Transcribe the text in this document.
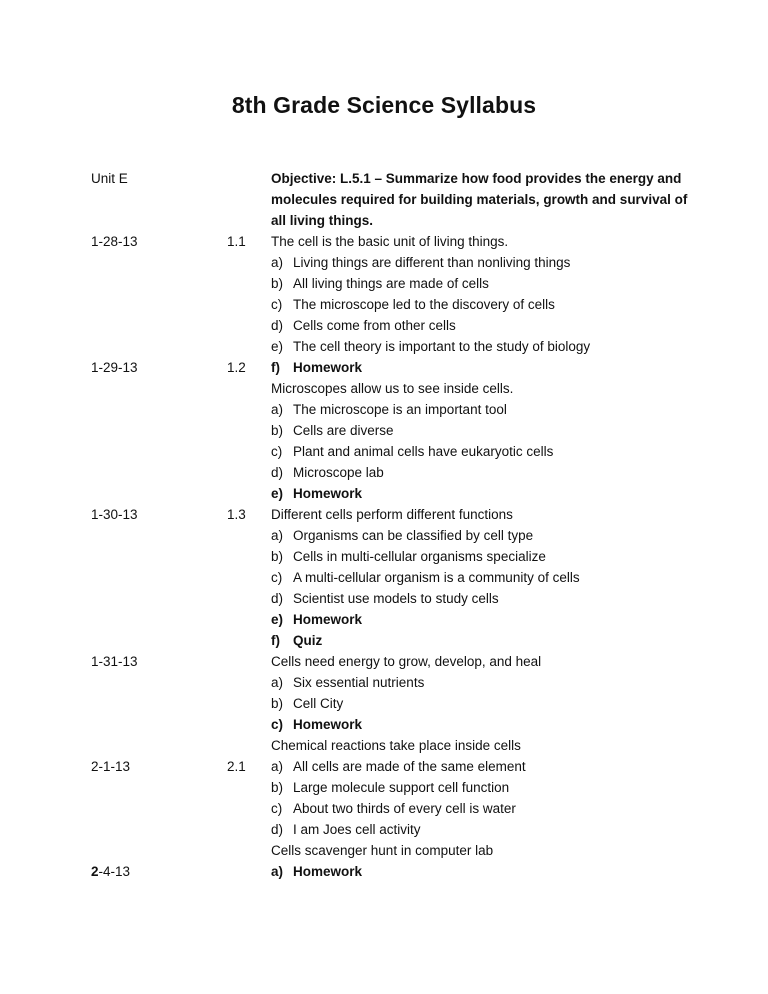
8th Grade Science Syllabus
Unit E
1-28-13
1-29-13
1-30-13
1-31-13
2-1-13
2-4-13
1.1
1.2
1.3
2.1
Objective: L.5.1 – Summarize how food provides the energy and molecules required for building materials, growth and survival of all living things.
The cell is the basic unit of living things.
a) Living things are different than nonliving things
b) All living things are made of cells
c) The microscope led to the discovery of cells
d) Cells come from other cells
e) The cell theory is important to the study of biology
f) Homework
Microscopes allow us to see inside cells.
a) The microscope is an important tool
b) Cells are diverse
c) Plant and animal cells have eukaryotic cells
d) Microscope lab
e) Homework
Different cells perform different functions
a) Organisms can be classified by cell type
b) Cells in multi-cellular organisms specialize
c) A multi-cellular organism is a community of cells
d) Scientist use models to study cells
e) Homework
f) Quiz
Cells need energy to grow, develop, and heal
a) Six essential nutrients
b) Cell City
c) Homework
Chemical reactions take place inside cells
a) All cells are made of the same element
b) Large molecule support cell function
c) About two thirds of every cell is water
d) I am Joes cell activity
Cells scavenger hunt in computer lab
a) Homework
